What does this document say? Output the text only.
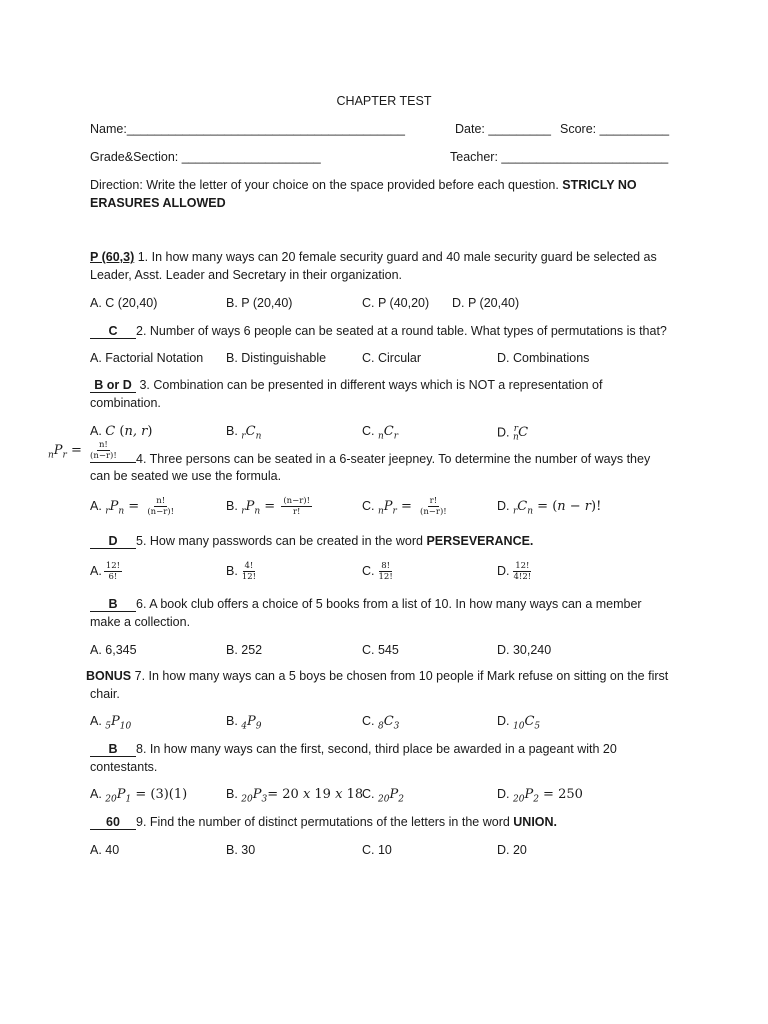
CHAPTER TEST
Name:________________________________________	Date: _________ Score: __________
Grade&Section: ____________________	Teacher: ________________________
Direction: Write the letter of your choice on the space provided before each question. STRICLY NO
ERASURES ALLOWED
P (60,3) 1. In how many ways can 20 female security guard and 40 male security guard be selected as
Leader, Asst. Leader and Secretary in their organization.
A. C (20,40)	B. P (20,40)	C. P (40,20) D. P (20,40)
C 2. Number of ways 6 people can be seated at a round table. What types of permutations is that?
A. Factorial Notation B. Distinguishable	C. Circular	D. Combinations
B or D 3. Combination can be presented in different ways which is NOT a representation of
combination.
A. C (n, r)	B. $_rC_n$	C. $_nC_r$	D. $_n^r$C
$_nP_r = \frac{n!}{(n-r)!}$	4. Three persons can be seated in a 6-seater jeepney. To determine the number of ways they
can be seated we use the formula.
A. $_rP_n = \frac{n!}{(n-r)!}$	B. $_rP_n = \frac{(n-r)!}{r!}$	C. $_nP_r = \frac{r!}{(n-r)!}$	D. $_rC_n = (n - r)$!
D 5. How many passwords can be created in the word PERSEVERANCE.
A. $\frac{12!}{6!}$	B. $\frac{4!}{12!}$	C. $\frac{8!}{12!}$	D. $\frac{12!}{4!2!}$
B 6. A book club offers a choice of 5 books from a list of 10. In how many ways can a member
make a collection.
A. 6,345	B. 252	C. 545	D. 30,240
BONUS 7. In how many ways can a 5 boys be chosen from 10 people if Mark refuse on sitting on the first
chair.
A. $_5P_{10}$	B. $_4P_9$	C. $_8C_3$	D. $_{10}C_5$
B 8. In how many ways can the first, second, third place be awarded in a pageant with 20
contestants.
A. $_{20}P_1 = (3)(1)$	B. $_{20}P_3= 20$ x 19 x 18
C. $_{20}P_2$	D. $_{20}P_2 = 250$
60 9. Find the number of distinct permutations of the letters in the word UNION.
A. 40	B. 30	C. 10	D. 20
